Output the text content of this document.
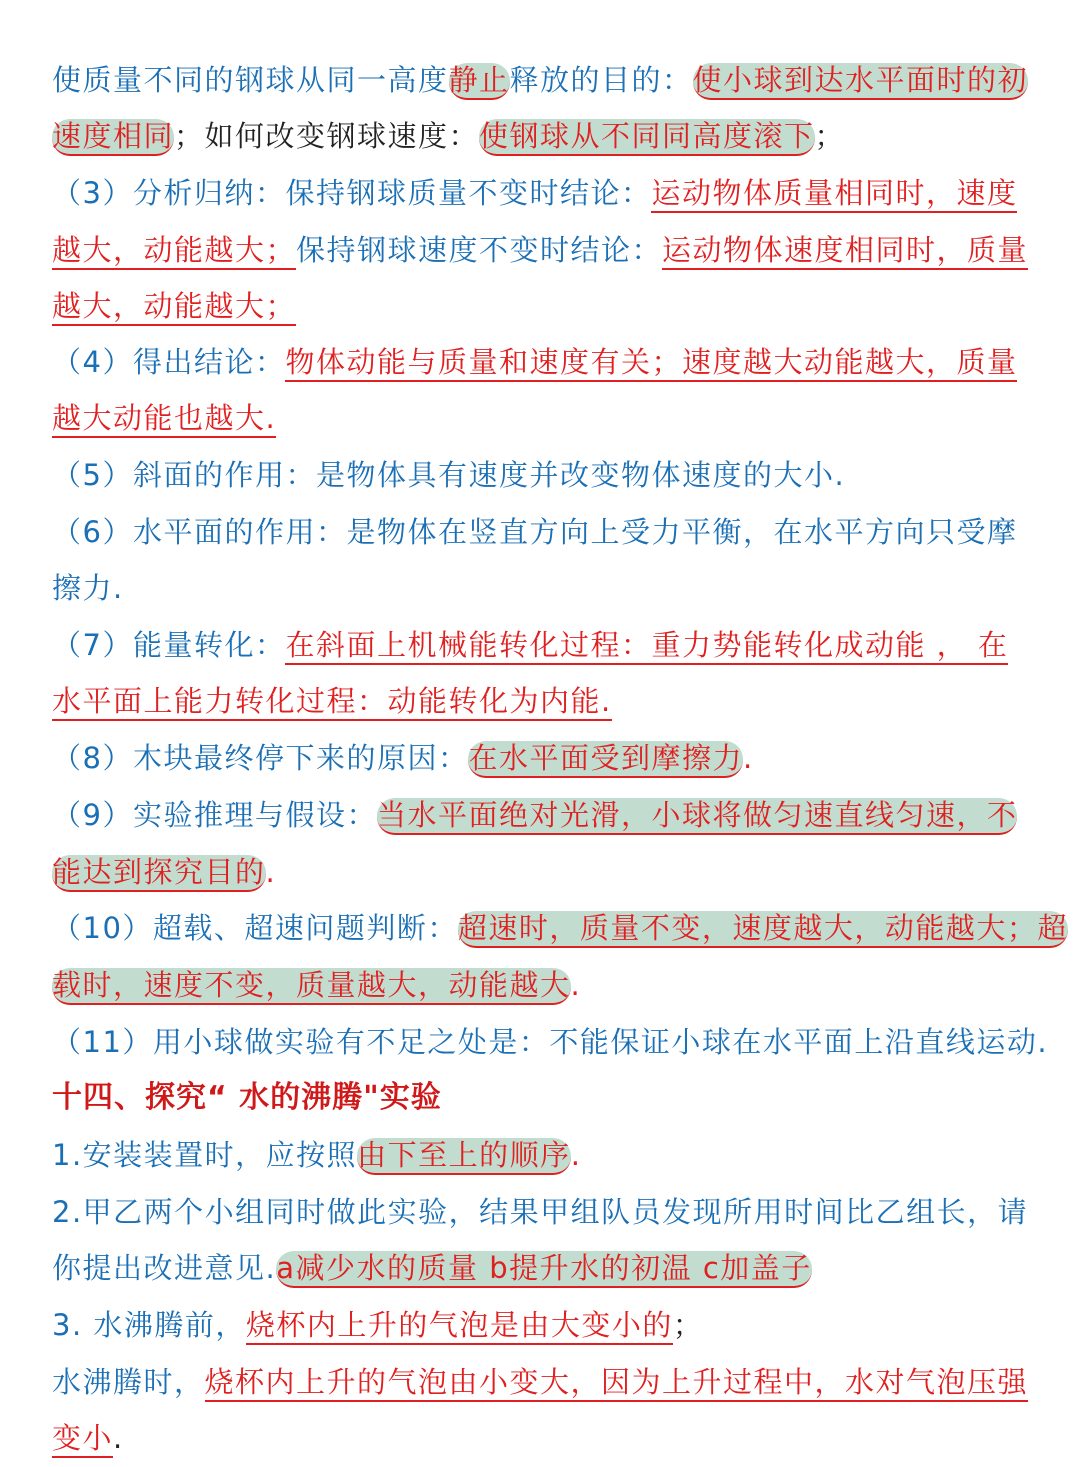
使质量不同的钢球从同一高度静止释放的目的：使小球到达水平面时的初
速度相同；如何改变钢球速度：使钢球从不同同高度滚下；
（3）分析归纳：保持钢球质量不变时结论：运动物体质量相同时，速度
越大，动能越大；保持钢球速度不变时结论：运动物体速度相同时，质量
越大，动能越大；
（4）得出结论：物体动能与质量和速度有关；速度越大动能越大，质量
越大动能也越大.
（5）斜面的作用：是物体具有速度并改变物体速度的大小.
（6）水平面的作用：是物体在竖直方向上受力平衡，在水平方向只受摩
擦力.
（7）能量转化：在斜面上机械能转化过程：重力势能转化成动能 ， 在
水平面上能力转化过程：动能转化为内能.
（8）木块最终停下来的原因：在水平面受到摩擦力.
（9）实验推理与假设：当水平面绝对光滑，小球将做匀速直线匀速，不
能达到探究目的.
（10）超载、超速问题判断：超速时，质量不变，速度越大，动能越大；超
载时，速度不变，质量越大，动能越大.
（11）用小球做实验有不足之处是：不能保证小球在水平面上沿直线运动.
十四、探究“ 水的沸腾"实验
1.安装装置时，应按照由下至上的顺序.
2.甲乙两个小组同时做此实验，结果甲组队员发现所用时间比乙组长，请
你提出改进意见.a减少水的质量 b提升水的初温 c加盖子
3. 水沸腾前，烧杯内上升的气泡是由大变小的；
水沸腾时，烧杯内上升的气泡由小变大，因为上升过程中，水对气泡压强
变小.
